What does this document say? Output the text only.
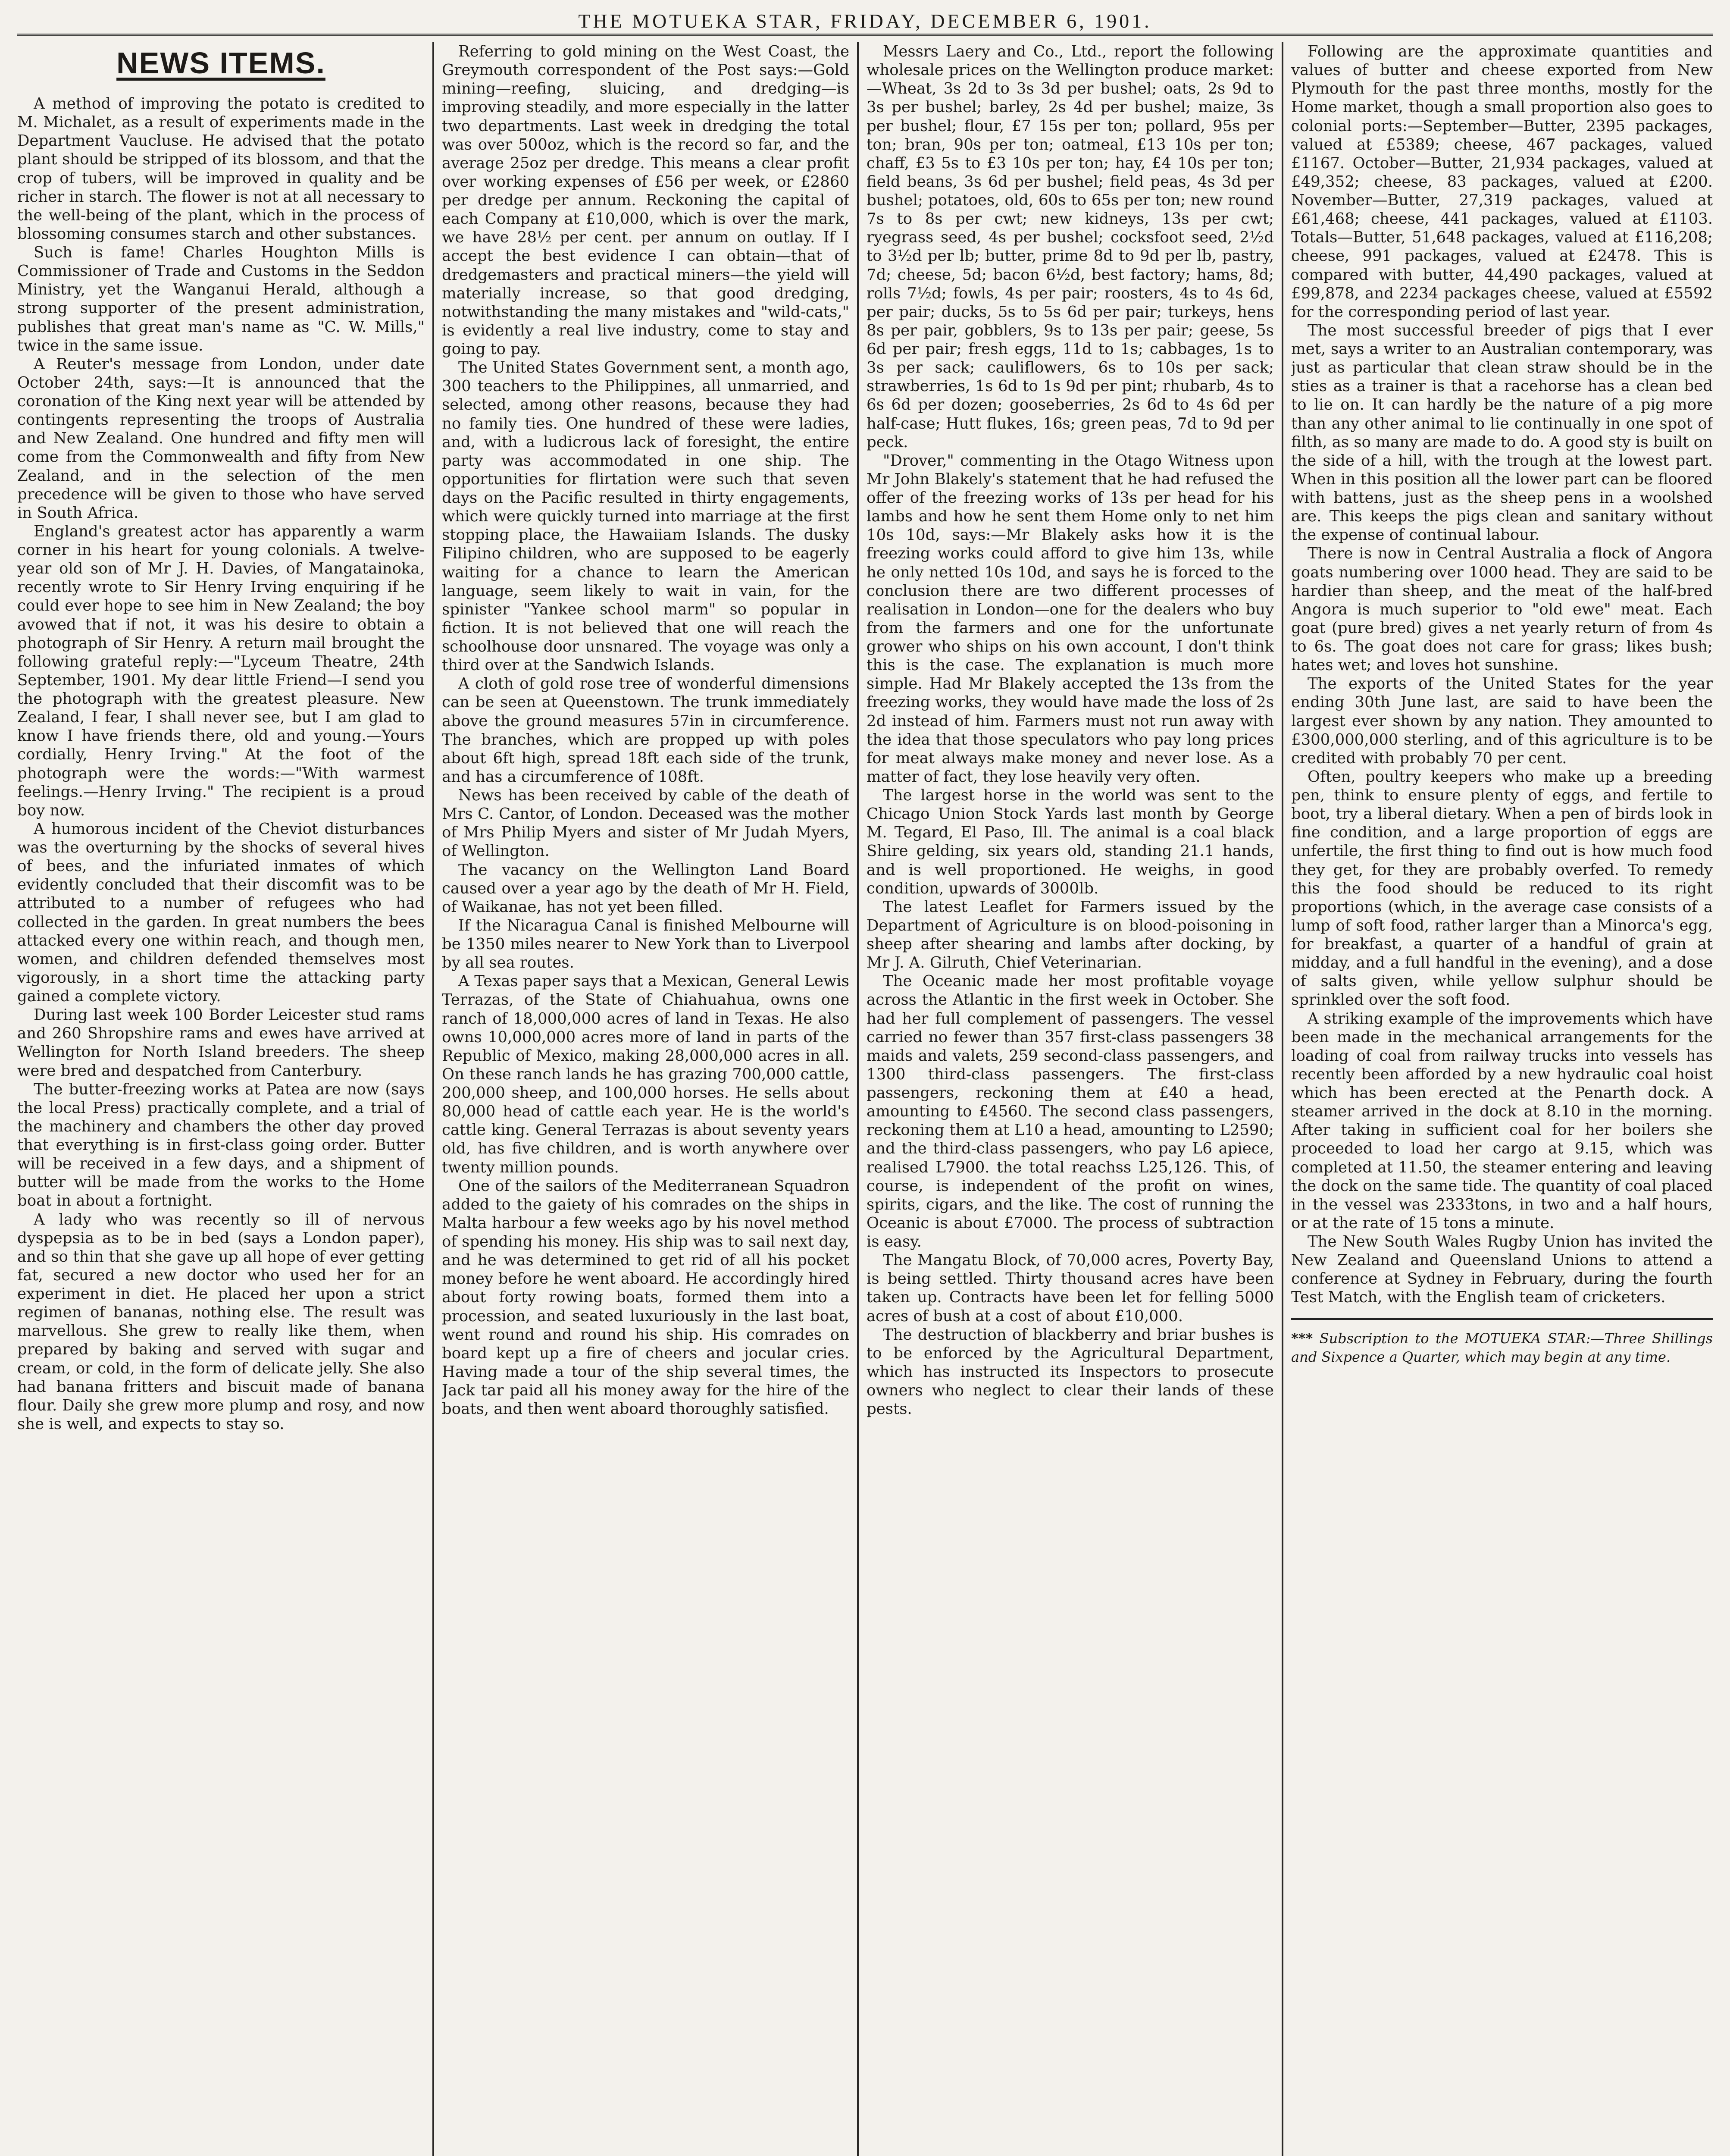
THE MOTUEKA STAR, FRIDAY, DECEMBER 6, 1901.
NEWS ITEMS.

A method of improving the potato is credited to M. Michalet, as a result of experiments made in the Department Vaucluse. He advised that the potato plant should be stripped of its blossom, and that the crop of tubers, will be improved in quality and be richer in starch. The flower is not at all necessary to the well-being of the plant, which in the process of blossoming consumes starch and other substances.

Such is fame! Charles Houghton Mills is Commissioner of Trade and Customs in the Seddon Ministry, yet the Wanganui Herald, although a strong supporter of the present administration, publishes that great man's name as "C. W. Mills," twice in the same issue.

A Reuter's message from London, under date October 24th, says:—It is announced that the coronation of the King next year will be attended by contingents representing the troops of Australia and New Zealand. One hundred and fifty men will come from the Commonwealth and fifty from New Zealand, and in the selection of the men precedence will be given to those who have served in South Africa.

England's greatest actor has apparently a warm corner in his heart for young colonials. A twelve-year old son of Mr J. H. Davies, of Mangatainoka, recently wrote to Sir Henry Irving enquiring if he could ever hope to see him in New Zealand; the boy avowed that if not, it was his desire to obtain a photograph of Sir Henry. A return mail brought the following grateful reply:—"Lyceum Theatre, 24th September, 1901. My dear little Friend—I send you the photograph with the greatest pleasure. New Zealand, I fear, I shall never see, but I am glad to know I have friends there, old and young.—Yours cordially, Henry Irving." At the foot of the photograph were the words:—"With warmest feelings.—Henry Irving." The recipient is a proud boy now.

A humorous incident of the Cheviot disturbances was the overturning by the shocks of several hives of bees, and the infuriated inmates of which evidently concluded that their discomfit was to be attributed to a number of refugees who had collected in the garden. In great numbers the bees attacked every one within reach, and though men, women, and children defended themselves most vigorously, in a short time the attacking party gained a complete victory.

During last week 100 Border Leicester stud rams and 260 Shropshire rams and ewes have arrived at Wellington for North Island breeders. The sheep were bred and despatched from Canterbury.

The butter-freezing works at Patea are now (says the local Press) practically complete, and a trial of the machinery and chambers the other day proved that everything is in first-class going order. Butter will be received in a few days, and a shipment of butter will be made from the works to the Home boat in about a fortnight.

A lady who was recently so ill of nervous dyspepsia as to be in bed (says a London paper), and so thin that she gave up all hope of ever getting fat, secured a new doctor who used her for an experiment in diet. He placed her upon a strict regimen of bananas, nothing else. The result was marvellous. She grew to really like them, when prepared by baking and served with sugar and cream, or cold, in the form of delicate jelly. She also had banana fritters and biscuit made of banana flour. Daily she grew more plump and rosy, and now she is well, and expects to stay so.

Referring to gold mining on the West Coast, the Greymouth correspondent of the Post says:—Gold mining—reefing, sluicing, and dredging—is improving steadily, and more especially in the latter two departments. Last week in dredging the total was over 500oz, which is the record so far, and the average 25oz per dredge. This means a clear profit over working expenses of £56 per week, or £2860 per dredge per annum. Reckoning the capital of each Company at £10,000, which is over the mark, we have 28½ per cent. per annum on outlay. If I accept the best evidence I can obtain—that of dredgemasters and practical miners—the yield will materially increase, so that good dredging, notwithstanding the many mistakes and "wild-cats," is evidently a real live industry, come to stay and going to pay.

The United States Government sent, a month ago, 300 teachers to the Philippines, all unmarried, and selected, among other reasons, because they had no family ties. One hundred of these were ladies, and, with a ludicrous lack of foresight, the entire party was accommodated in one ship. The opportunities for flirtation were such that seven days on the Pacific resulted in thirty engagements, which were quickly turned into marriage at the first stopping place, the Hawaiiam Islands. The dusky Filipino children, who are supposed to be eagerly waiting for a chance to learn the American language, seem likely to wait in vain, for the spinister "Yankee school marm" so popular in fiction. It is not believed that one will reach the schoolhouse door unsnared. The voyage was only a third over at the Sandwich Islands.

A cloth of gold rose tree of wonderful dimensions can be seen at Queenstown. The trunk immediately above the ground measures 57in in circumference. The branches, which are propped up with poles about 6ft high, spread 18ft each side of the trunk, and has a circumference of 108ft.

News has been received by cable of the death of Mrs C. Cantor, of London. Deceased was the mother of Mrs Philip Myers and sister of Mr Judah Myers, of Wellington.

The vacancy on the Wellington Land Board caused over a year ago by the death of Mr H. Field, of Waikanae, has not yet been filled.

If the Nicaragua Canal is finished Melbourne will be 1350 miles nearer to New York than to Liverpool by all sea routes.

A Texas paper says that a Mexican, General Lewis Terrazas, of the State of Chiahuahua, owns one ranch of 18,000,000 acres of land in Texas. He also owns 10,000,000 acres more of land in parts of the Republic of Mexico, making 28,000,000 acres in all. On these ranch lands he has grazing 700,000 cattle, 200,000 sheep, and 100,000 horses. He sells about 80,000 head of cattle each year. He is the world's cattle king. General Terrazas is about seventy years old, has five children, and is worth anywhere over twenty million pounds.

One of the sailors of the Mediterranean Squadron added to the gaiety of his comrades on the ships in Malta harbour a few weeks ago by his novel method of spending his money. His ship was to sail next day, and he was determined to get rid of all his pocket money before he went aboard. He accordingly hired about forty rowing boats, formed them into a procession, and seated luxuriously in the last boat, went round and round his ship. His comrades on board kept up a fire of cheers and jocular cries. Having made a tour of the ship several times, the Jack tar paid all his money away for the hire of the boats, and then went aboard thoroughly satisfied.

Messrs Laery and Co., Ltd., report the following wholesale prices on the Wellington produce market:—Wheat, 3s 2d to 3s 3d per bushel; oats, 2s 9d to 3s per bushel; barley, 2s 4d per bushel; maize, 3s per bushel; flour, £7 15s per ton; pollard, 95s per ton; bran, 90s per ton; oatmeal, £13 10s per ton; chaff, £3 5s to £3 10s per ton; hay, £4 10s per ton; field beans, 3s 6d per bushel; field peas, 4s 3d per bushel; potatoes, old, 60s to 65s per ton; new round 7s to 8s per cwt; new kidneys, 13s per cwt; ryegrass seed, 4s per bushel; cocksfoot seed, 2½d to 3½d per lb; butter, prime 8d to 9d per lb, pastry, 7d; cheese, 5d; bacon 6½d, best factory; hams, 8d; rolls 7½d; fowls, 4s per pair; roosters, 4s to 4s 6d, per pair; ducks, 5s to 5s 6d per pair; turkeys, hens 8s per pair, gobblers, 9s to 13s per pair; geese, 5s 6d per pair; fresh eggs, 11d to 1s; cabbages, 1s to 3s per sack; cauliflowers, 6s to 10s per sack; strawberries, 1s 6d to 1s 9d per pint; rhubarb, 4s to 6s 6d per dozen; gooseberries, 2s 6d to 4s 6d per half-case; Hutt flukes, 16s; green peas, 7d to 9d per peck.

"Drover," commenting in the Otago Witness upon Mr John Blakely's statement that he had refused the offer of the freezing works of 13s per head for his lambs and how he sent them Home only to net him 10s 10d, says:—Mr Blakely asks how it is the freezing works could afford to give him 13s, while he only netted 10s 10d, and says he is forced to the conclusion there are two different processes of realisation in London—one for the dealers who buy from the farmers and one for the unfortunate grower who ships on his own account, I don't think this is the case. The explanation is much more simple. Had Mr Blakely accepted the 13s from the freezing works, they would have made the loss of 2s 2d instead of him. Farmers must not run away with the idea that those speculators who pay long prices for meat always make money and never lose. As a matter of fact, they lose heavily very often.

The largest horse in the world was sent to the Chicago Union Stock Yards last month by George M. Tegard, El Paso, Ill. The animal is a coal black Shire gelding, six years old, standing 21.1 hands, and is well proportioned. He weighs, in good condition, upwards of 3000lb.

The latest Leaflet for Farmers issued by the Department of Agriculture is on blood-poisoning in sheep after shearing and lambs after docking, by Mr J. A. Gilruth, Chief Veterinarian.

The Oceanic made her most profitable voyage across the Atlantic in the first week in October. She had her full complement of passengers. The vessel carried no fewer than 357 first-class passengers 38 maids and valets, 259 second-class passengers, and 1300 third-class passengers. The first-class passengers, reckoning them at £40 a head, amounting to £4560. The second class passengers, reckoning them at L10 a head, amounting to L2590; and the third-class passengers, who pay L6 apiece, realised L7900. the total reachss L25,126. This, of course, is independent of the profit on wines, spirits, cigars, and the like. The cost of running the Oceanic is about £7000. The process of subtraction is easy.

The Mangatu Block, of 70,000 acres, Poverty Bay, is being settled. Thirty thousand acres have been taken up. Contracts have been let for felling 5000 acres of bush at a cost of about £10,000.

The destruction of blackberry and briar bushes is to be enforced by the Agricultural Department, which has instructed its Inspectors to prosecute owners who neglect to clear their lands of these pests.

Following are the approximate quantities and values of butter and cheese exported from New Plymouth for the past three months, mostly for the Home market, though a small proportion also goes to colonial ports:—September—Butter, 2395 packages, valued at £5389; cheese, 467 packages, valued £1167. October—Butter, 21,934 packages, valued at £49,352; cheese, 83 packages, valued at £200. November—Butter, 27,319 packages, valued at £61,468; cheese, 441 packages, valued at £1103. Totals—Butter, 51,648 packages, valued at £116,208; cheese, 991 packages, valued at £2478. This is compared with butter, 44,490 packages, valued at £99,878, and 2234 packages cheese, valued at £5592 for the corresponding period of last year.

The most successful breeder of pigs that I ever met, says a writer to an Australian contemporary, was just as particular that clean straw should be in the sties as a trainer is that a racehorse has a clean bed to lie on. It can hardly be the nature of a pig more than any other animal to lie continually in one spot of filth, as so many are made to do. A good sty is built on the side of a hill, with the trough at the lowest part. When in this position all the lower part can be floored with battens, just as the sheep pens in a woolshed are. This keeps the pigs clean and sanitary without the expense of continual labour.

There is now in Central Australia a flock of Angora goats numbering over 1000 head. They are said to be hardier than sheep, and the meat of the half-bred Angora is much superior to "old ewe" meat. Each goat (pure bred) gives a net yearly return of from 4s to 6s. The goat does not care for grass; likes bush; hates wet; and loves hot sunshine.

The exports of the United States for the year ending 30th June last, are said to have been the largest ever shown by any nation. They amounted to £300,000,000 sterling, and of this agriculture is to be credited with probably 70 per cent.

Often, poultry keepers who make up a breeding pen, think to ensure plenty of eggs, and fertile to boot, try a liberal dietary. When a pen of birds look in fine condition, and a large proportion of eggs are unfertile, the first thing to find out is how much food they get, for they are probably overfed. To remedy this the food should be reduced to its right proportions (which, in the average case consists of a lump of soft food, rather larger than a Minorca's egg, for breakfast, a quarter of a handful of grain at midday, and a full handful in the evening), and a dose of salts given, while yellow sulphur should be sprinkled over the soft food.

A striking example of the improvements which have been made in the mechanical arrangements for the loading of coal from railway trucks into vessels has recently been afforded by a new hydraulic coal hoist which has been erected at the Penarth dock. A steamer arrived in the dock at 8.10 in the morning. After taking in sufficient coal for her boilers she proceeded to load her cargo at 9.15, which was completed at 11.50, the steamer entering and leaving the dock on the same tide. The quantity of coal placed in the vessel was 2333tons, in two and a half hours, or at the rate of 15 tons a minute.

The New South Wales Rugby Union has invited the New Zealand and Queensland Unions to attend a conference at Sydney in February, during the fourth Test Match, with the English team of cricketers.

*** Subscription to the MOTUEKA STAR:—Three Shillings and Sixpence a Quarter, which may begin at any time.
